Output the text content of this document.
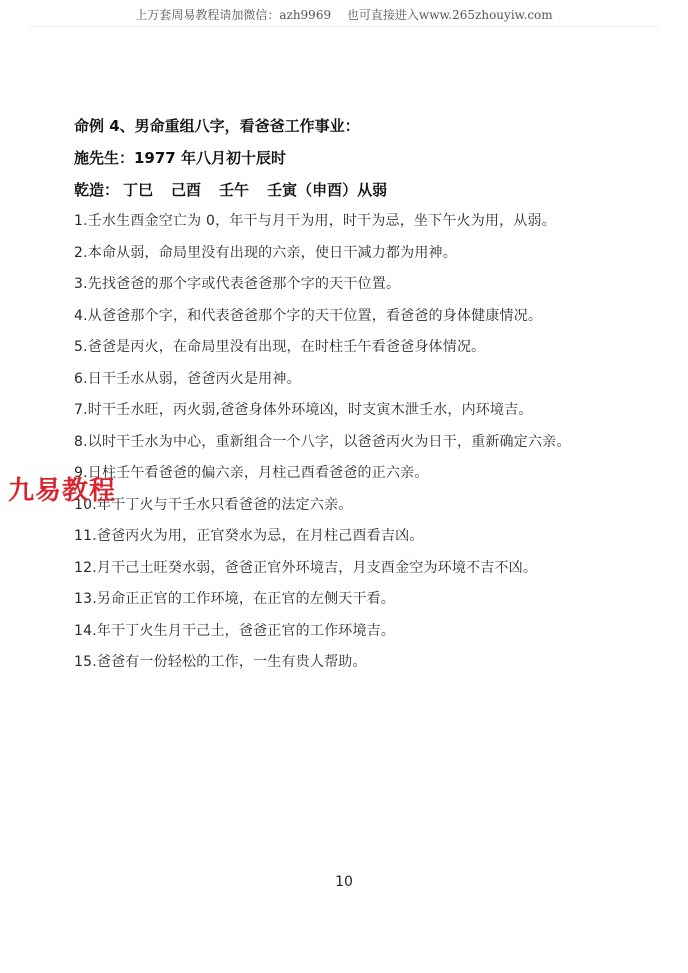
上万套周易教程请加微信：azh9969 也可直接进入www.265zhouyiw.com

命例 4、男命重组八字，看爸爸工作事业：

施先生：1977 年八月初十辰时

乾造： 丁巳 己酉 壬午 壬寅（申酉）从弱

1.壬水生酉金空亡为 0，年干与月干为用，时干为忌，坐下午火为用，从弱。
2.本命从弱，命局里没有出现的六亲，使日干减力都为用神。
3.先找爸爸的那个字或代表爸爸那个字的天干位置。
4.从爸爸那个字，和代表爸爸那个字的天干位置，看爸爸的身体健康情况。
5.爸爸是丙火，在命局里没有出现，在时柱壬午看爸爸身体情况。
6.日干壬水从弱，爸爸丙火是用神。
7.时干壬水旺，丙火弱,爸爸身体外环境凶，时支寅木泄壬水，内环境吉。
8.以时干壬水为中心，重新组合一个八字，以爸爸丙火为日干，重新确定六亲。
9.日柱壬午看爸爸的偏六亲，月柱己酉看爸爸的正六亲。
10.年干丁火与干壬水只看爸爸的法定六亲。
11.爸爸丙火为用，正官癸水为忌，在月柱己酉看吉凶。
12.月干己土旺癸水弱，爸爸正官外环境吉，月支酉金空为环境不吉不凶。
13.另命正正官的工作环境，在正官的左侧天干看。
14.年干丁火生月干己土，爸爸正官的工作环境吉。
15.爸爸有一份轻松的工作，一生有贵人帮助。
九易教程
10
